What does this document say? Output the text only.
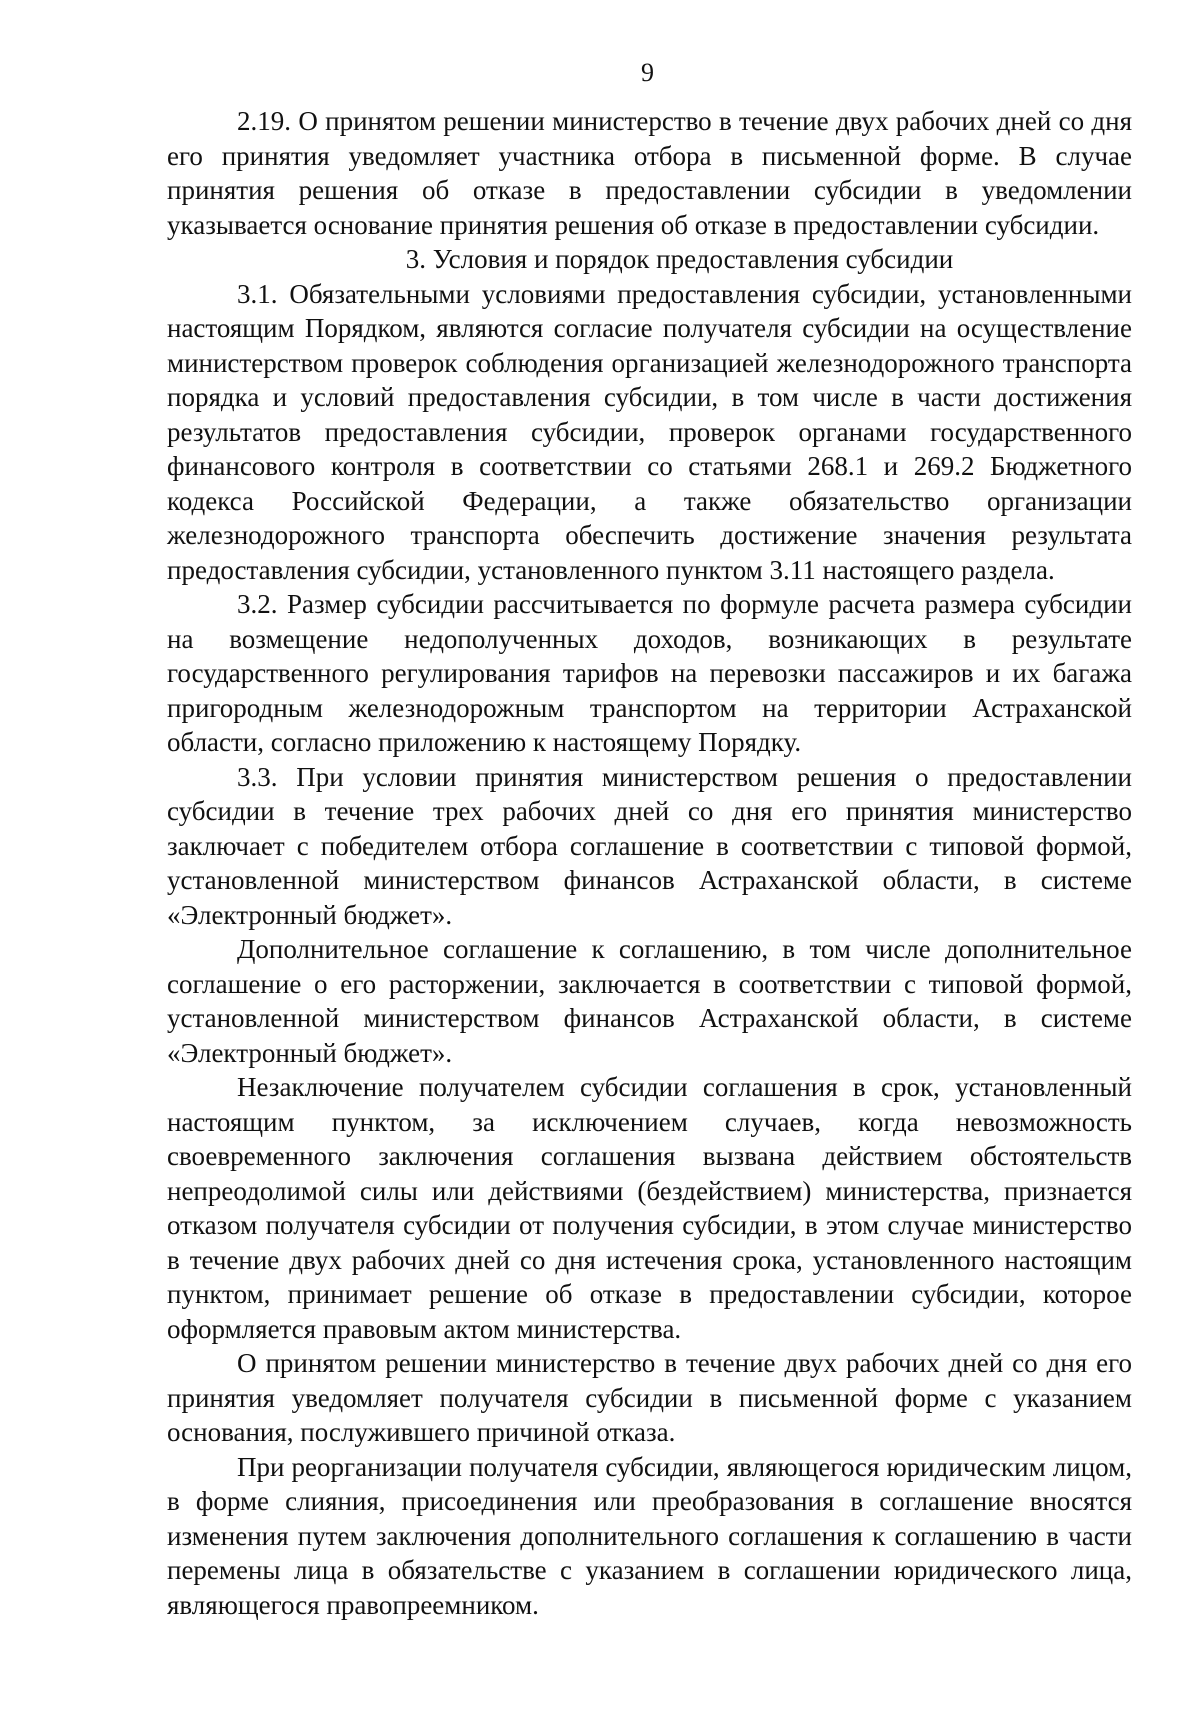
9

2.19. О принятом решении министерство в течение двух рабочих дней со дня его принятия уведомляет участника отбора в письменной форме. В случае принятия решения об отказе в предоставлении субсидии в уведомлении указывается основание принятия решения об отказе в предоставлении субсидии.

3. Условия и порядок предоставления субсидии

3.1. Обязательными условиями предоставления субсидии, установленными настоящим Порядком, являются согласие получателя субсидии на осуществление министерством проверок соблюдения организацией железнодорожного транспорта порядка и условий предоставления субсидии, в том числе в части достижения результатов предоставления субсидии, проверок органами государственного финансового контроля в соответствии со статьями 268.1 и 269.2 Бюджетного кодекса Российской Федерации, а также обязательство организации железнодорожного транспорта обеспечить достижение значения результата предоставления субсидии, установленного пунктом 3.11 настоящего раздела.

3.2. Размер субсидии рассчитывается по формуле расчета размера субсидии на возмещение недополученных доходов, возникающих в результате государственного регулирования тарифов на перевозки пассажиров и их багажа пригородным железнодорожным транспортом на территории Астраханской области, согласно приложению к настоящему Порядку.

3.3. При условии принятия министерством решения о предоставлении субсидии в течение трех рабочих дней со дня его принятия министерство заключает с победителем отбора соглашение в соответствии с типовой формой, установленной министерством финансов Астраханской области, в системе «Электронный бюджет».

Дополнительное соглашение к соглашению, в том числе дополнительное соглашение о его расторжении, заключается в соответствии с типовой формой, установленной министерством финансов Астраханской области, в системе «Электронный бюджет».

Незаключение получателем субсидии соглашения в срок, установленный настоящим пунктом, за исключением случаев, когда невозможность своевременного заключения соглашения вызвана действием обстоятельств непреодолимой силы или действиями (бездействием) министерства, признается отказом получателя субсидии от получения субсидии, в этом случае министерство в течение двух рабочих дней со дня истечения срока, установленного настоящим пунктом, принимает решение об отказе в предоставлении субсидии, которое оформляется правовым актом министерства.

О принятом решении министерство в течение двух рабочих дней со дня его принятия уведомляет получателя субсидии в письменной форме с указанием основания, послужившего причиной отказа.

При реорганизации получателя субсидии, являющегося юридическим лицом, в форме слияния, присоединения или преобразования в соглашение вносятся изменения путем заключения дополнительного соглашения к соглашению в части перемены лица в обязательстве с указанием в соглашении юридического лица, являющегося правопреемником.
